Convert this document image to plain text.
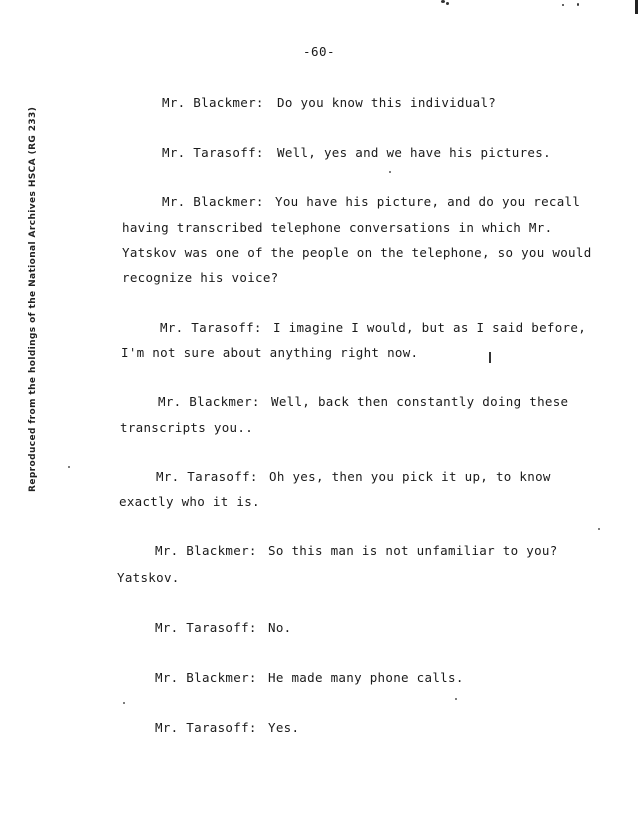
-60-
Reproduced from the holdings of the National Archives HSCA (RG 233)
Mr. Blackmer: Do you know this individual?
Mr. Tarasoff: Well, yes and we have his pictures.
Mr. Blackmer: You have his picture, and do you recall
having transcribed telephone conversations in which Mr.
Yatskov was one of the people on the telephone, so you would
recognize his voice?
Mr. Tarasoff: I imagine I would, but as I said before,
I'm not sure about anything right now.
Mr. Blackmer: Well, back then constantly doing these
transcripts you..
Mr. Tarasoff: Oh yes, then you pick it up, to know
exactly who it is.
Mr. Blackmer: So this man is not unfamiliar to you?
Yatskov.
Mr. Tarasoff: No.
Mr. Blackmer: He made many phone calls.
Mr. Tarasoff: Yes.
